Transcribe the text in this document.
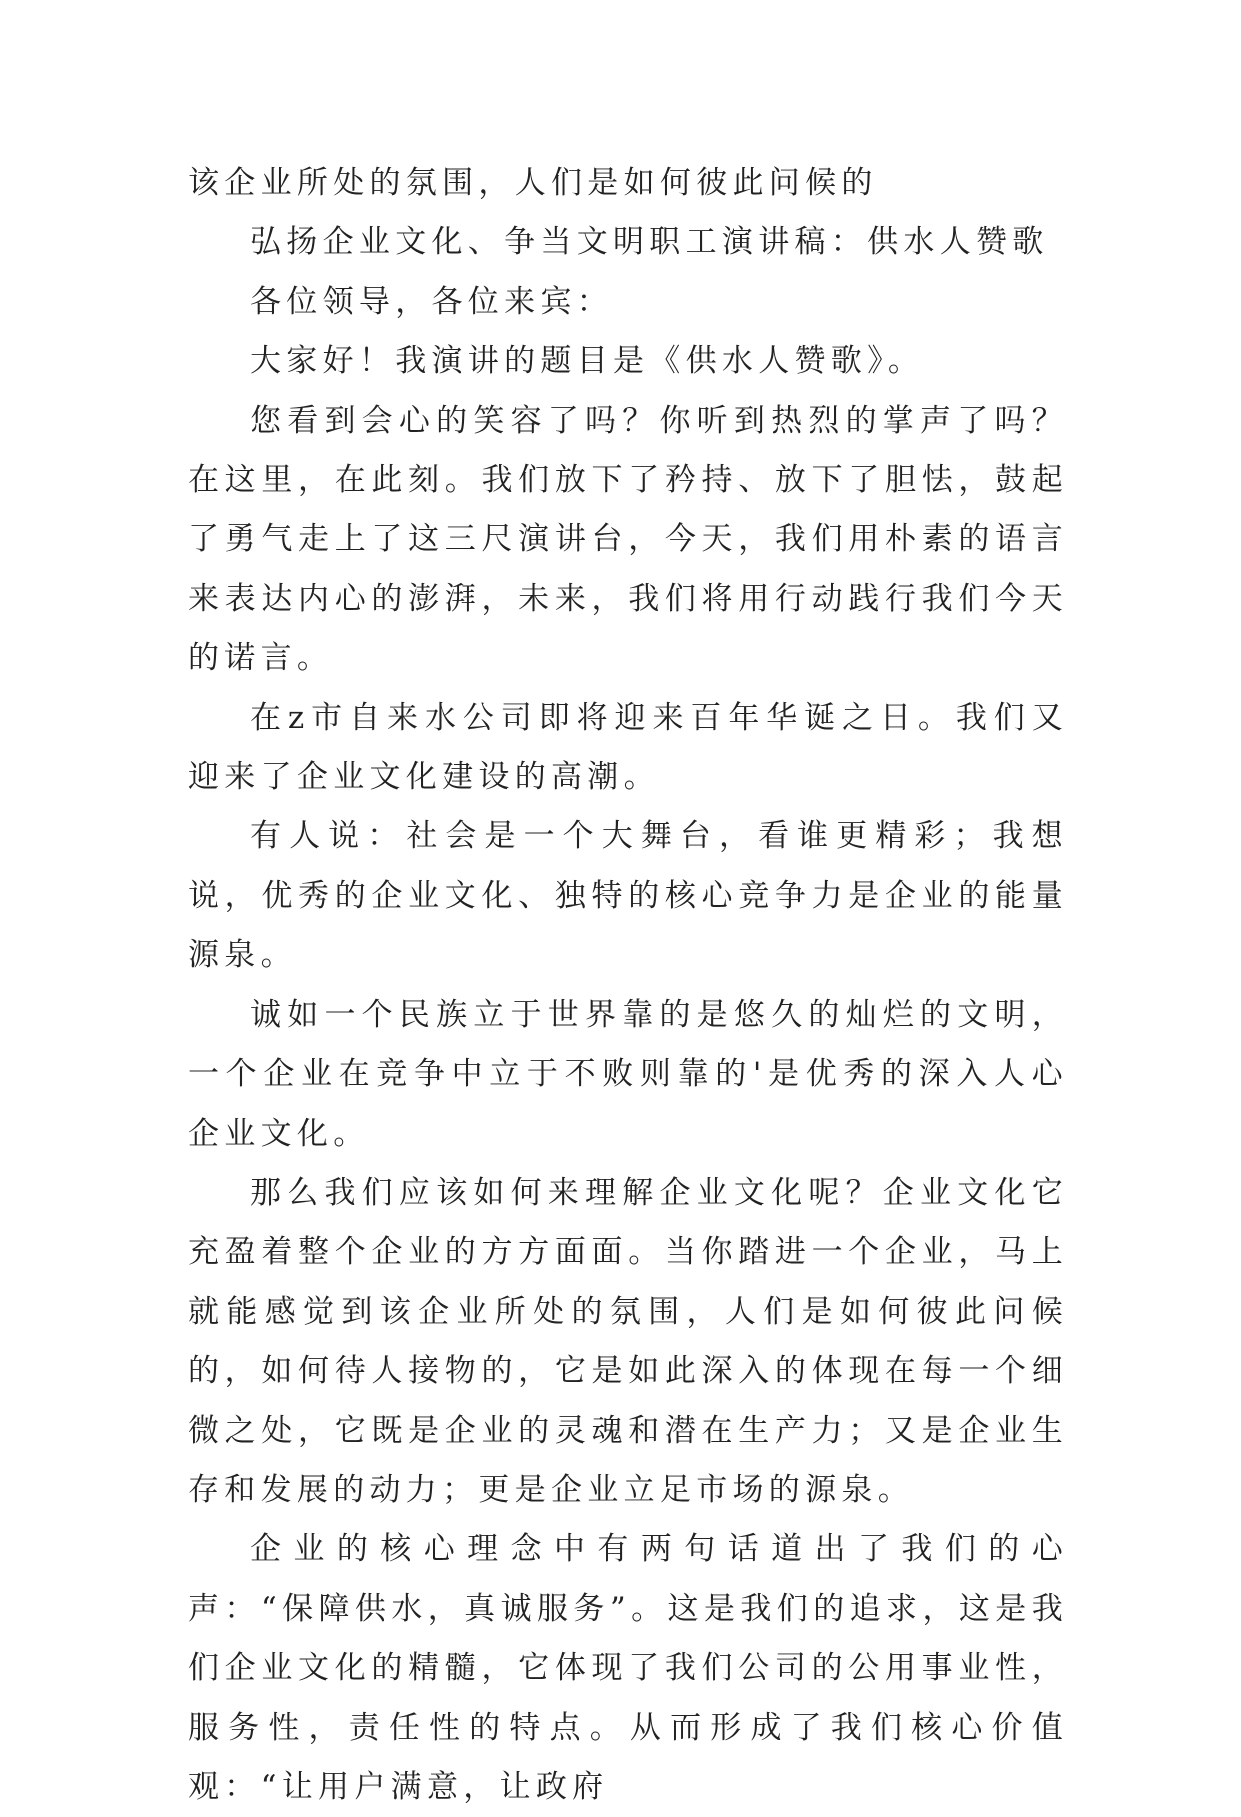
该企业所处的氛围，人们是如何彼此问候的

弘扬企业文化、争当文明职工演讲稿：供水人赞歌

各位领导，各位来宾：

大家好！我演讲的题目是《供水人赞歌》。

您看到会心的笑容了吗？你听到热烈的掌声了吗？在这里，在此刻。我们放下了矜持、放下了胆怯，鼓起了勇气走上了这三尺演讲台，今天，我们用朴素的语言来表达内心的澎湃，未来，我们将用行动践行我们今天的诺言。

在z市自来水公司即将迎来百年华诞之日。我们又迎来了企业文化建设的高潮。

有人说：社会是一个大舞台，看谁更精彩；我想说，优秀的企业文化、独特的核心竞争力是企业的能量源泉。

诚如一个民族立于世界靠的是悠久的灿烂的文明，一个企业在竞争中立于不败则靠的'是优秀的深入人心企业文化。

那么我们应该如何来理解企业文化呢？企业文化它充盈着整个企业的方方面面。当你踏进一个企业，马上就能感觉到该企业所处的氛围，人们是如何彼此问候的，如何待人接物的，它是如此深入的体现在每一个细微之处，它既是企业的灵魂和潜在生产力；又是企业生存和发展的动力；更是企业立足市场的源泉。

企业的核心理念中有两句话道出了我们的心声：“保障供水，真诚服务”。这是我们的追求，这是我们企业文化的精髓，它体现了我们公司的公用事业性，服务性，责任性的特点。从而形成了我们核心价值观：“让用户满意，让政府
